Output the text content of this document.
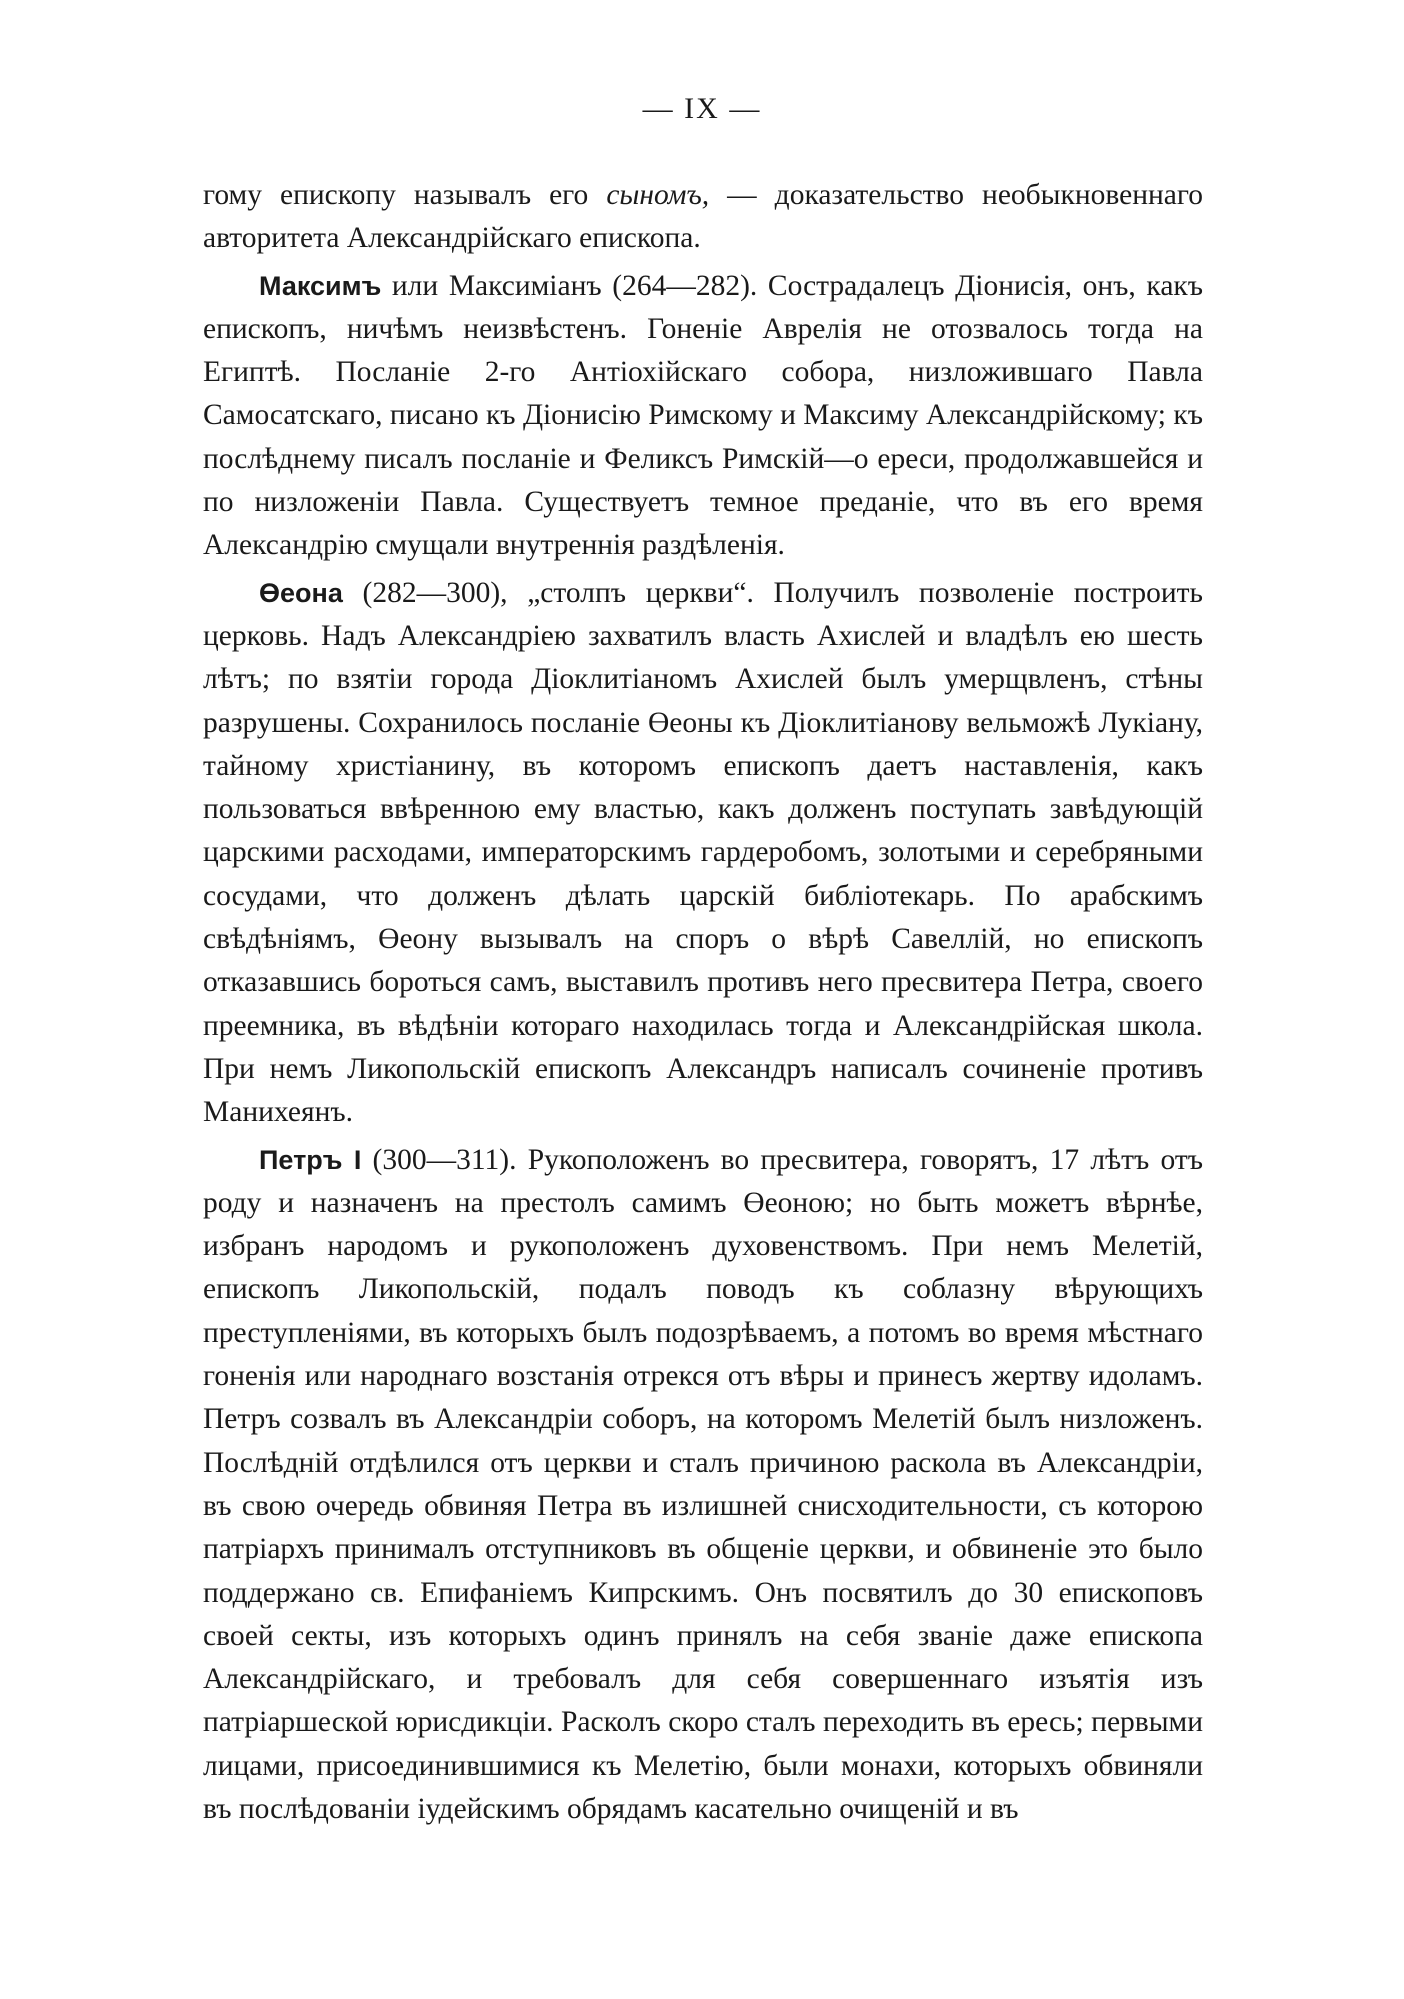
— IX —

гому епископу называлъ его сыномъ, — доказательство необыкновеннаго авторитета Александрійскаго епископа.

Максимъ или Максиміанъ (264—282). Сострадалецъ Діонисія, онъ, какъ епископъ, ничѣмъ неизвѣстенъ. Гоненіе Аврелія не отозвалось тогда на Египтѣ. Посланіе 2-го Антіохійскаго собора, низложившаго Павла Самосатскаго, писано къ Діонисію Римскому и Максиму Александрійскому; къ послѣднему писалъ посланіе и Феликсъ Римскій—о ереси, продолжавшейся и по низложеніи Павла. Существуетъ темное преданіе, что въ его время Александрію смущали внутреннія раздѣленія.

Өеона (282—300), „столпъ церкви“. Получилъ позволеніе построить церковь. Надъ Александріею захватилъ власть Ахислей и владѣлъ ею шесть лѣтъ; по взятіи города Діоклитіаномъ Ахислей былъ умерщвленъ, стѣны разрушены. Сохранилось посланіе Өеоны къ Діоклитіанову вельможѣ Лукіану, тайному христіанину, въ которомъ епископъ даетъ наставленія, какъ пользоваться ввѣренною ему властью, какъ долженъ поступать завѣдующій царскими расходами, императорскимъ гардеробомъ, золотыми и серебряными сосудами, что долженъ дѣлать царскій библіотекарь. По арабскимъ свѣдѣніямъ, Өеону вызывалъ на споръ о вѣрѣ Савеллій, но епископъ отказавшись бороться самъ, выставилъ противъ него пресвитера Петра, своего преемника, въ вѣдѣніи котораго находилась тогда и Александрійская школа. При немъ Ликопольскій епископъ Александръ написалъ сочиненіе противъ Манихеянъ.

Петръ I (300—311). Рукоположенъ во пресвитера, говорятъ, 17 лѣтъ отъ роду и назначенъ на престолъ самимъ Өеоною; но быть можетъ вѣрнѣе, избранъ народомъ и рукоположенъ духовенствомъ. При немъ Мелетій, епископъ Ликопольскій, подалъ поводъ къ соблазну вѣрующихъ преступленіями, въ которыхъ былъ подозрѣваемъ, а потомъ во время мѣстнаго гоненія или народнаго возстанія отрекся отъ вѣры и принесъ жертву идоламъ. Петръ созвалъ въ Александріи соборъ, на которомъ Мелетій былъ низложенъ. Послѣдній отдѣлился отъ церкви и сталъ причиною раскола въ Александріи, въ свою очередь обвиняя Петра въ излишней снисходительности, съ которою патріархъ принималъ отступниковъ въ общеніе церкви, и обвиненіе это было поддержано св. Епифаніемъ Кипрскимъ. Онъ посвятилъ до 30 епископовъ своей секты, изъ которыхъ одинъ принялъ на себя званіе даже епископа Александрійскаго, и требовалъ для себя совершеннаго изъятія изъ патріаршеской юрисдикціи. Расколъ скоро сталъ переходить въ ересь; первыми лицами, присоединившимися къ Мелетію, были монахи, которыхъ обвиняли въ послѣдованіи іудейскимъ обрядамъ касательно очищеній и въ
